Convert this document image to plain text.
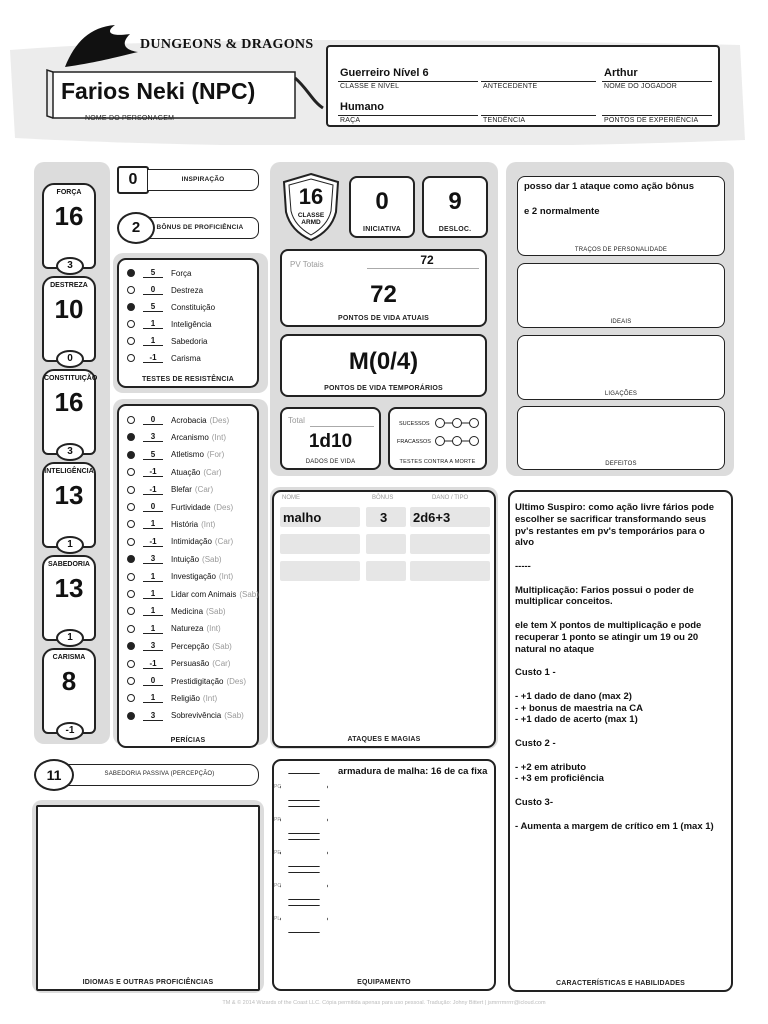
DUNGEONS & DRAGONS
Farios Neki (NPC)
NOME DO PERSONAGEM
Guerreiro Nível 6
CLASSE E NÍVEL	ANTECEDENTE
Arthur
NOME DO JOGADOR
Humano
RAÇA	TENDÊNCIA	PONTOS DE EXPERIÊNCIA
FORÇA
16
3
DESTREZA
10
0
CONSTITUIÇÃO
16
3
INTELIGÊNCIA
13
1
SABEDORIA
13
1
CARISMA
8
-1
0	INSPIRAÇÃO
BÔNUS DE PROFICIÊNCIA
2
5	Força
0	Destreza
5	Constituição
1	Inteligência
1	Sabedoria
-1	Carisma
TESTES DE RESISTÊNCIA
PERÍCIAS
0	Acrobacia (Des)
3	Arcanismo (Int)
5	Atletismo (For)
-1	Atuação (Car)
-1	Blefar (Car)
0	Furtividade (Des)
1	História (Int)
-1	Intimidação (Car)
3	Intuição (Sab)
1	Investigação (Int)
1	Lidar com Animais (Sab)
1	Medicina (Sab)
1	Natureza (Int)
3	Percepção (Sab)
-1	Persuasão (Car)
0	Prestidigitação (Des)
1	Religião (Int)
3	Sobrevivência (Sab)
16
CLASSE
ARMD
0
INICIATIVA
9
DESLOC.
PV Totais	72
72
PONTOS DE VIDA ATUAIS
M(0/4)
PONTOS DE VIDA TEMPORÁRIOS
Total
1d10
DADOS DE VIDA
SUCESSOS
FRACASSOS
TESTES CONTRA A MORTE
NOME	BÔNUS	DANO / TIPO
malho	3 2d6+3
ATAQUES E MAGIAS
posso dar 1 ataque como ação bônus
e 2 normalmente
TRAÇOS DE PERSONALIDADE
IDEAIS
LIGAÇÕES
DEFEITOS
CARACTERÍSTICAS E HABILIDADES
Ultimo Suspiro: como ação livre fários pode
escolher se sacrificar transformando seus
pv's restantes em pv's temporários para o
alvo
-----
Multiplicação: Farios possui o poder de
multiplicar conceitos.
ele tem X pontos de multiplicação e pode
recuperar 1 ponto se atingir um 19 ou 20
natural no ataque
Custo 1 -
- +1 dado de dano (max 2)
- + bonus de maestria na CA
- +1 dado de acerto (max 1)
Custo 2 -
- +2 em atributo
- +3 em proficiência
Custo 3-
- Aumenta a margem de crítico em 1 (max 1)
SABEDORIA PASSIVA (PERCEPÇÃO)
11
IDIOMAS E OUTRAS PROFICIÊNCIAS
armadura de malha: 16 de ca fixa
EQUIPAMENTO
PC
PP
PE
PO
PL
TM & © 2014 Wizards of the Coast LLC. Cópia permitida apenas para uso pessoal. Tradução: Johny Bittert | jsmrrrmrrrr@icloud.com
